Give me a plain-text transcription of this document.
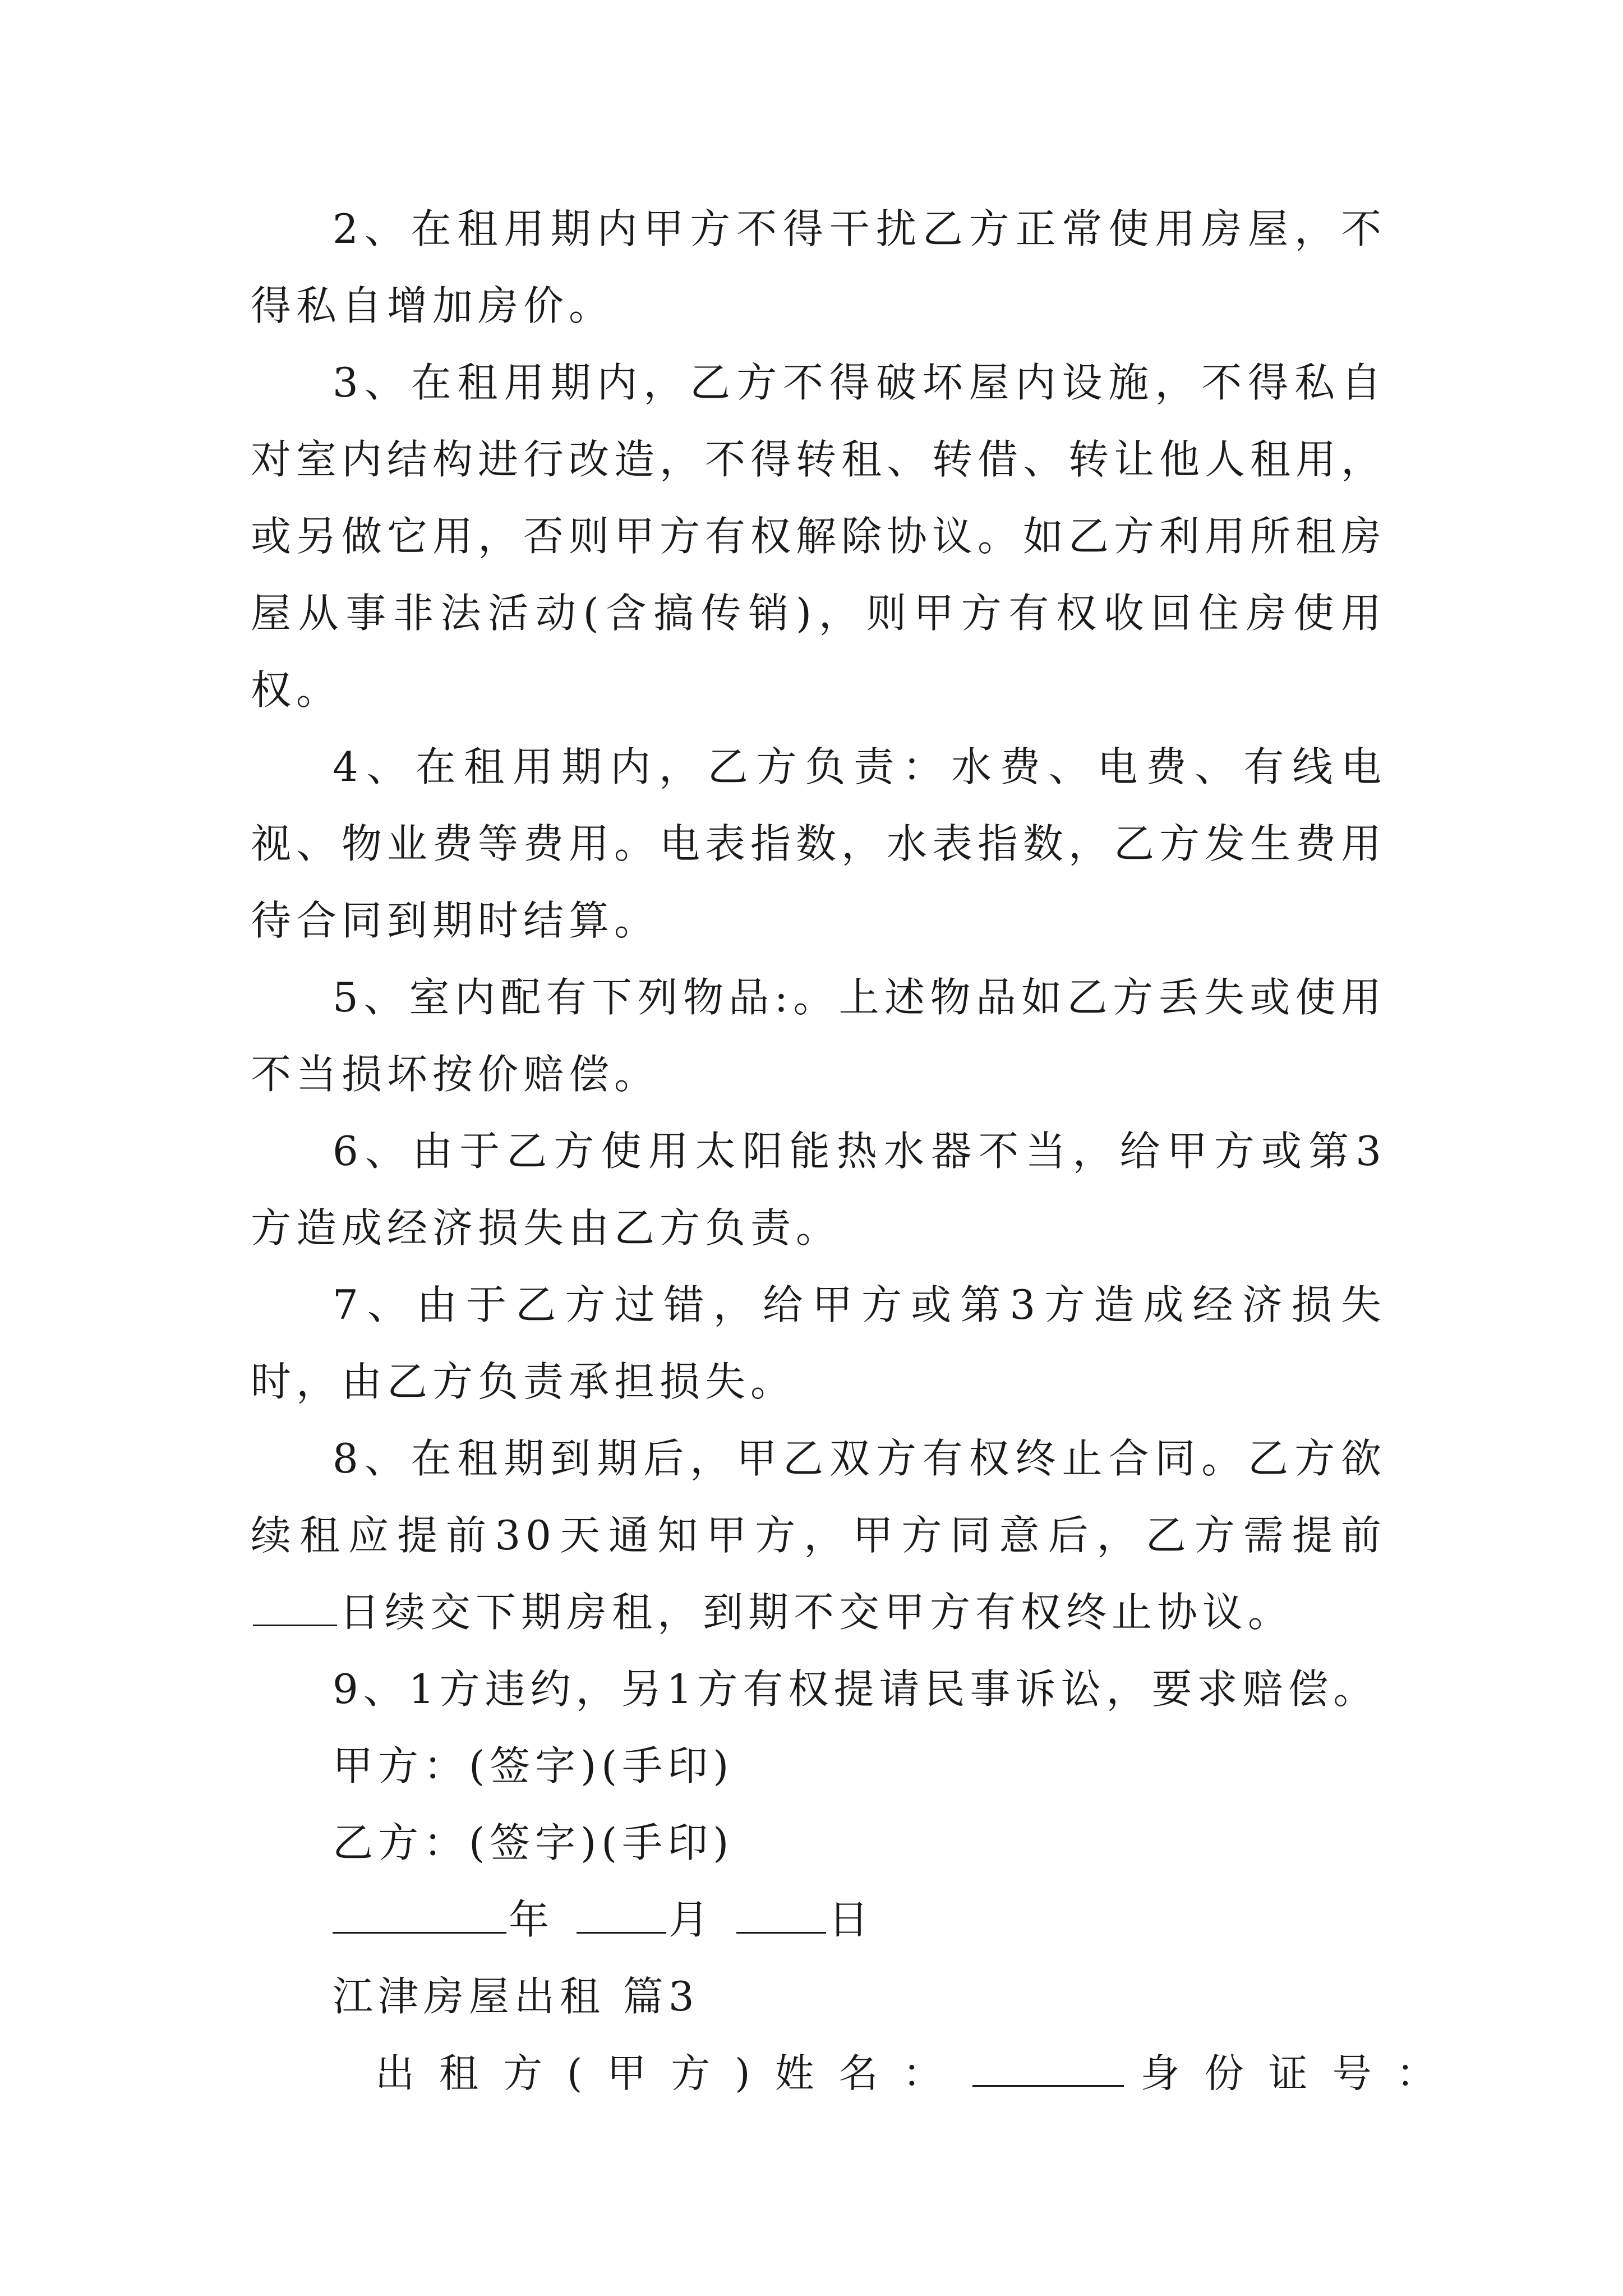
2、在租用期内甲方不得干扰乙方正常使用房屋，不得私自增加房价。

3、在租用期内，乙方不得破坏屋内设施，不得私自对室内结构进行改造，不得转租、转借、转让他人租用，或另做它用，否则甲方有权解除协议。如乙方利用所租房屋从事非法活动(含搞传销)，则甲方有权收回住房使用权。

4、在租用期内，乙方负责：水费、电费、有线电视、物业费等费用。电表指数，水表指数，乙方发生费用待合同到期时结算。

5、室内配有下列物品:。上述物品如乙方丢失或使用不当损坏按价赔偿。

6、由于乙方使用太阳能热水器不当，给甲方或第3方造成经济损失由乙方负责。

7、由于乙方过错，给甲方或第3方造成经济损失时，由乙方负责承担损失。

8、在租期到期后，甲乙双方有权终止合同。乙方欲续租应提前30天通知甲方，甲方同意后，乙方需提前日续交下期房租，到期不交甲方有权终止协议。

9、1方违约，另1方有权提请民事诉讼，要求赔偿。

甲方：(签字)(手印)

乙方：(签字)(手印)

年	月	日

江津房屋出租 篇3

出租方(甲方)姓名：	身份证号：
